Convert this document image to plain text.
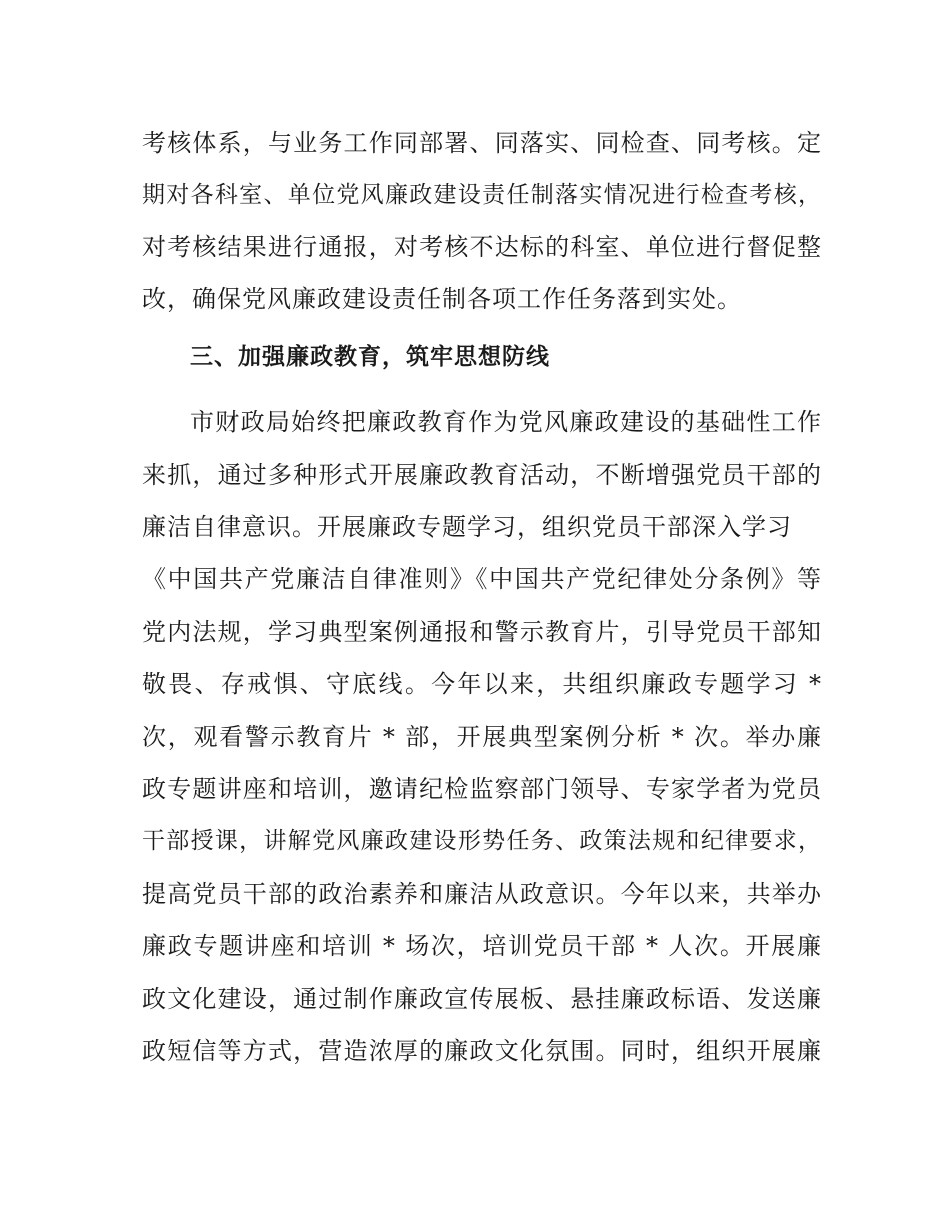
考核体系，与业务工作同部署、同落实、同检查、同考核。定
期对各科室、单位党风廉政建设责任制落实情况进行检查考核，
对考核结果进行通报，对考核不达标的科室、单位进行督促整
改，确保党风廉政建设责任制各项工作任务落到实处。
三、加强廉政教育，筑牢思想防线
市财政局始终把廉政教育作为党风廉政建设的基础性工作
来抓，通过多种形式开展廉政教育活动，不断增强党员干部的
廉洁自律意识。开展廉政专题学习，组织党员干部深入学习
《中国共产党廉洁自律准则》《中国共产党纪律处分条例》等
党内法规，学习典型案例通报和警示教育片，引导党员干部知
敬畏、存戒惧、守底线。今年以来，共组织廉政专题学习 *
次，观看警示教育片 * 部，开展典型案例分析 * 次。举办廉
政专题讲座和培训，邀请纪检监察部门领导、专家学者为党员
干部授课，讲解党风廉政建设形势任务、政策法规和纪律要求，
提高党员干部的政治素养和廉洁从政意识。今年以来，共举办
廉政专题讲座和培训 * 场次，培训党员干部 * 人次。开展廉
政文化建设，通过制作廉政宣传展板、悬挂廉政标语、发送廉
政短信等方式，营造浓厚的廉政文化氛围。同时，组织开展廉
